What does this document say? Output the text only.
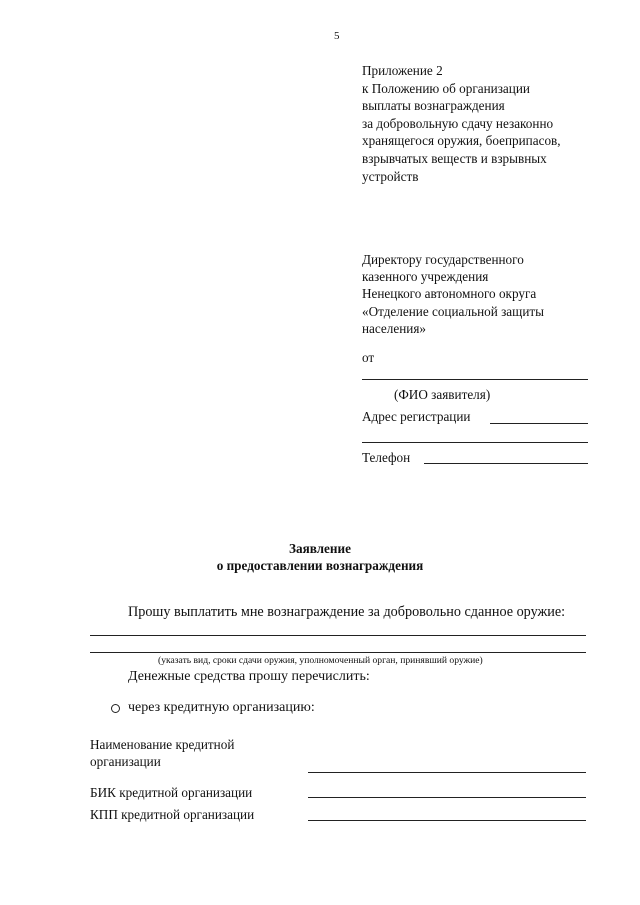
5
Приложение 2
к Положению об организации
выплаты вознаграждения
за добровольную сдачу незаконно
хранящегося оружия, боеприпасов,
взрывчатых веществ и взрывных
устройств
Директору государственного
казенного учреждения
Ненецкого автономного округа
«Отделение социальной защиты
населения»
от
(ФИО заявителя)
Адрес регистрации
Телефон
Заявление
о предоставлении вознаграждения
Прошу выплатить мне вознаграждение за добровольно сданное оружие:
(указать вид, сроки сдачи оружия, уполномоченный орган, принявший оружие)
Денежные средства прошу перечислить:
через кредитную организацию:
Наименование кредитной
организации
БИК кредитной организации
КПП кредитной организации
